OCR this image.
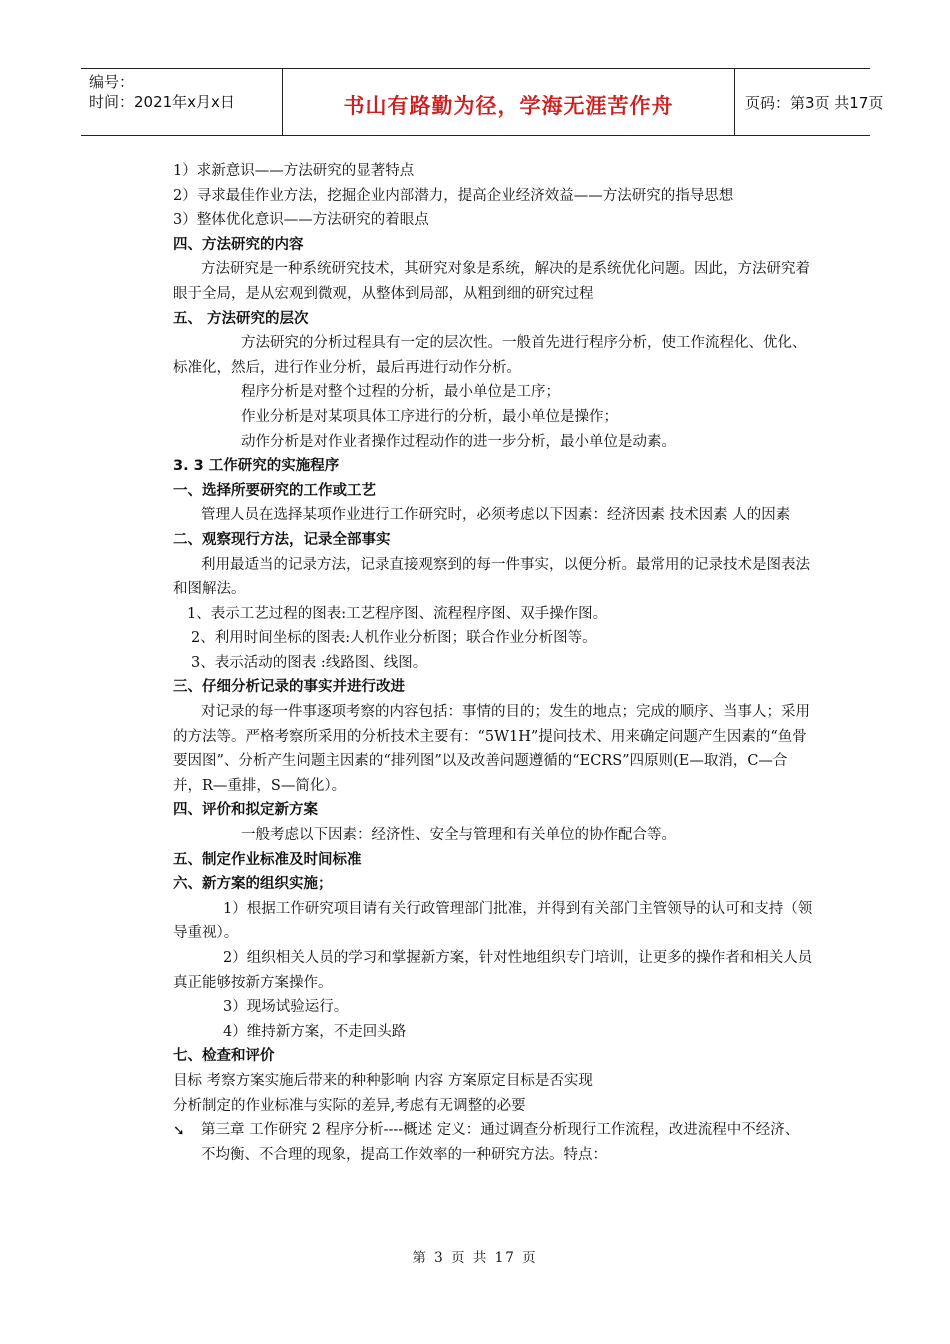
编号：
时间：2021年x月x日	书山有路勤为径，学海无涯苦作舟	页码：第3页 共17页

1）求新意识——方法研究的显著特点

2）寻求最佳作业方法，挖掘企业内部潜力，提高企业经济效益——方法研究的指导思想

3）整体优化意识——方法研究的着眼点

四、方法研究的内容

方法研究是一种系统研究技术，其研究对象是系统，解决的是系统优化问题。因此，方法研究着眼于全局，是从宏观到微观，从整体到局部，从粗到细的研究过程

五、 方法研究的层次

方法研究的分析过程具有一定的层次性。一般首先进行程序分析，使工作流程化、优化、标准化，然后，进行作业分析，最后再进行动作分析。

程序分析是对整个过程的分析，最小单位是工序；

作业分析是对某项具体工序进行的分析，最小单位是操作；

动作分析是对作业者操作过程动作的进一步分析，最小单位是动素。

3. 3 工作研究的实施程序

一、选择所要研究的工作或工艺

管理人员在选择某项作业进行工作研究时，必须考虑以下因素：经济因素 技术因素 人的因素

二、观察现行方法，记录全部事实

利用最适当的记录方法，记录直接观察到的每一件事实，以便分析。最常用的记录技术是图表法和图解法。

1、表示工艺过程的图表:工艺程序图、流程程序图、双手操作图。

2、利用时间坐标的图表:人机作业分析图；联合作业分析图等。

3、表示活动的图表 :线路图、线图。

三、仔细分析记录的事实并进行改进

对记录的每一件事逐项考察的内容包括：事情的目的；发生的地点；完成的顺序、当事人；采用的方法等。严格考察所采用的分析技术主要有：“5W1H”提问技术、用来确定问题产生因素的“鱼骨要因图”、分析产生问题主因素的“排列图”以及改善问题遵循的“ECRS”四原则(E—取消，C—合并，R—重排，S—简化）。

四、评价和拟定新方案

一般考虑以下因素：经济性、安全与管理和有关单位的协作配合等。

五、制定作业标准及时间标准

六、新方案的组织实施；

1）根据工作研究项目请有关行政管理部门批准，并得到有关部门主管领导的认可和支持（领导重视）。

2）组织相关人员的学习和掌握新方案，针对性地组织专门培训，让更多的操作者和相关人员真正能够按新方案操作。

3）现场试验运行。

4）维持新方案，不走回头路

七、检查和评价

目标 考察方案实施后带来的种种影响 内容 方案原定目标是否实现

分析制定的作业标准与实际的差异,考虑有无调整的必要

➘ 第三章 工作研究 2 程序分析----概述 定义：通过调查分析现行工作流程，改进流程中不经济、不均衡、不合理的现象，提高工作效率的一种研究方法。特点：

第 3 页 共 17 页
